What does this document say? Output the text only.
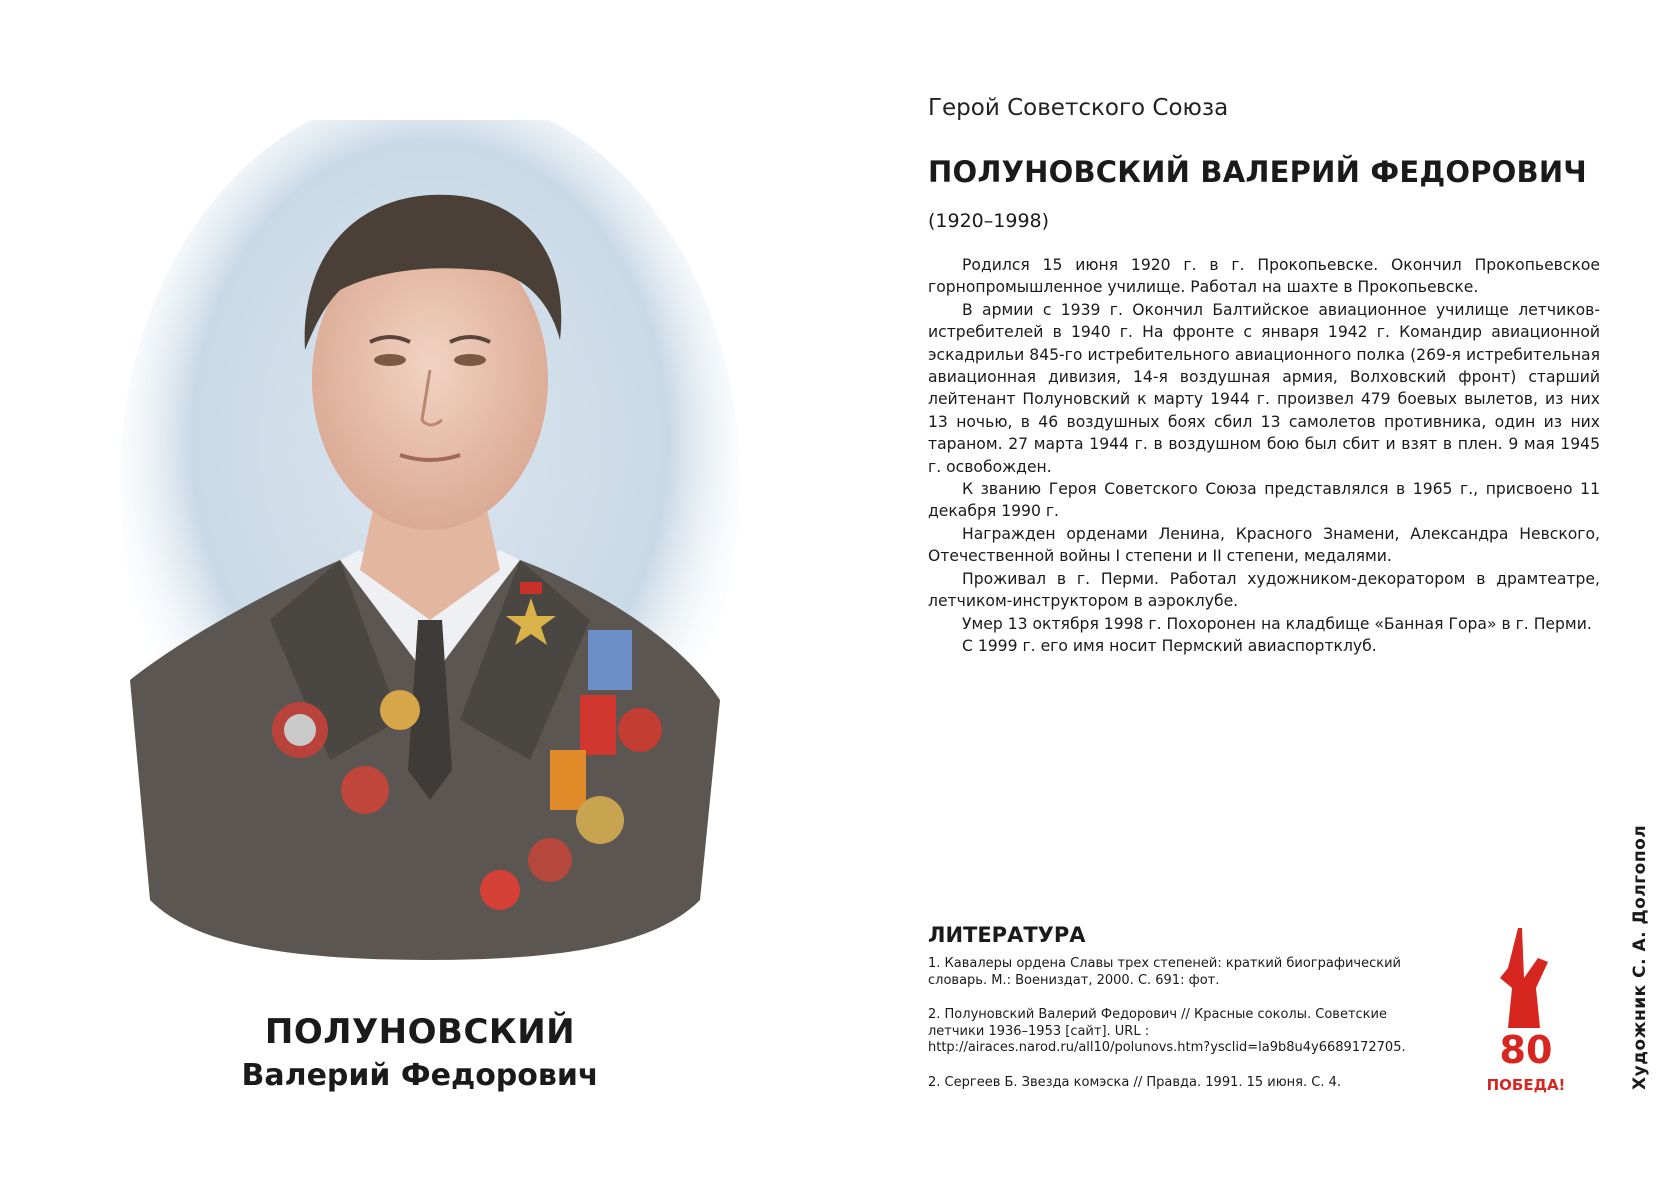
ПОЛУНОВСКИЙ
Валерий Федорович
Герой Советского Союза
ПОЛУНОВСКИЙ ВАЛЕРИЙ ФЕДОРОВИЧ
(1920–1998)

Родился 15 июня 1920 г. в г. Прокопьевске. Окончил Прокопьевское горнопромышленное училище. Работал на шахте в Прокопьевске.

В армии с 1939 г. Окончил Балтийское авиационное училище летчиков-истребителей в 1940 г. На фронте с января 1942 г. Командир авиационной эскадрильи 845-го истребительного авиационного полка (269-я истребительная авиационная дивизия, 14-я воздушная армия, Волховский фронт) старший лейтенант Полуновский к марту 1944 г. произвел 479 боевых вылетов, из них 13 ночью, в 46 воздушных боях сбил 13 самолетов противника, один из них тараном. 27 марта 1944 г. в воздушном бою был сбит и взят в плен. 9 мая 1945 г. освобожден.

К званию Героя Советского Союза представлялся в 1965 г., присвоено 11 декабря 1990 г.

Награжден орденами Ленина, Красного Знамени, Александра Невского, Отечественной войны I степени и II степени, медалями.

Проживал в г. Перми. Работал художником-декоратором в драмтеатре, летчиком-инструктором в аэроклубе.

Умер 13 октября 1998 г. Похоронен на кладбище «Банная Гора» в г. Перми.

С 1999 г. его имя носит Пермский авиаспортклуб.

ЛИТЕРАТУРА
1. Кавалеры ордена Славы трех степеней: краткий биографический словарь. М.: Воениздат, 2000. С. 691: фот.
2. Полуновский Валерий Федорович // Красные соколы. Советские летчики 1936–1953 [сайт]. URL : http://airaces.narod.ru/all10/polunovs.htm?ysclid=la9b8u4y6689172705.
2. Сергеев Б. Звезда комэска // Правда. 1991. 15 июня. С. 4.
80
ПОБЕДА!	Художник С. А. Долгопол
